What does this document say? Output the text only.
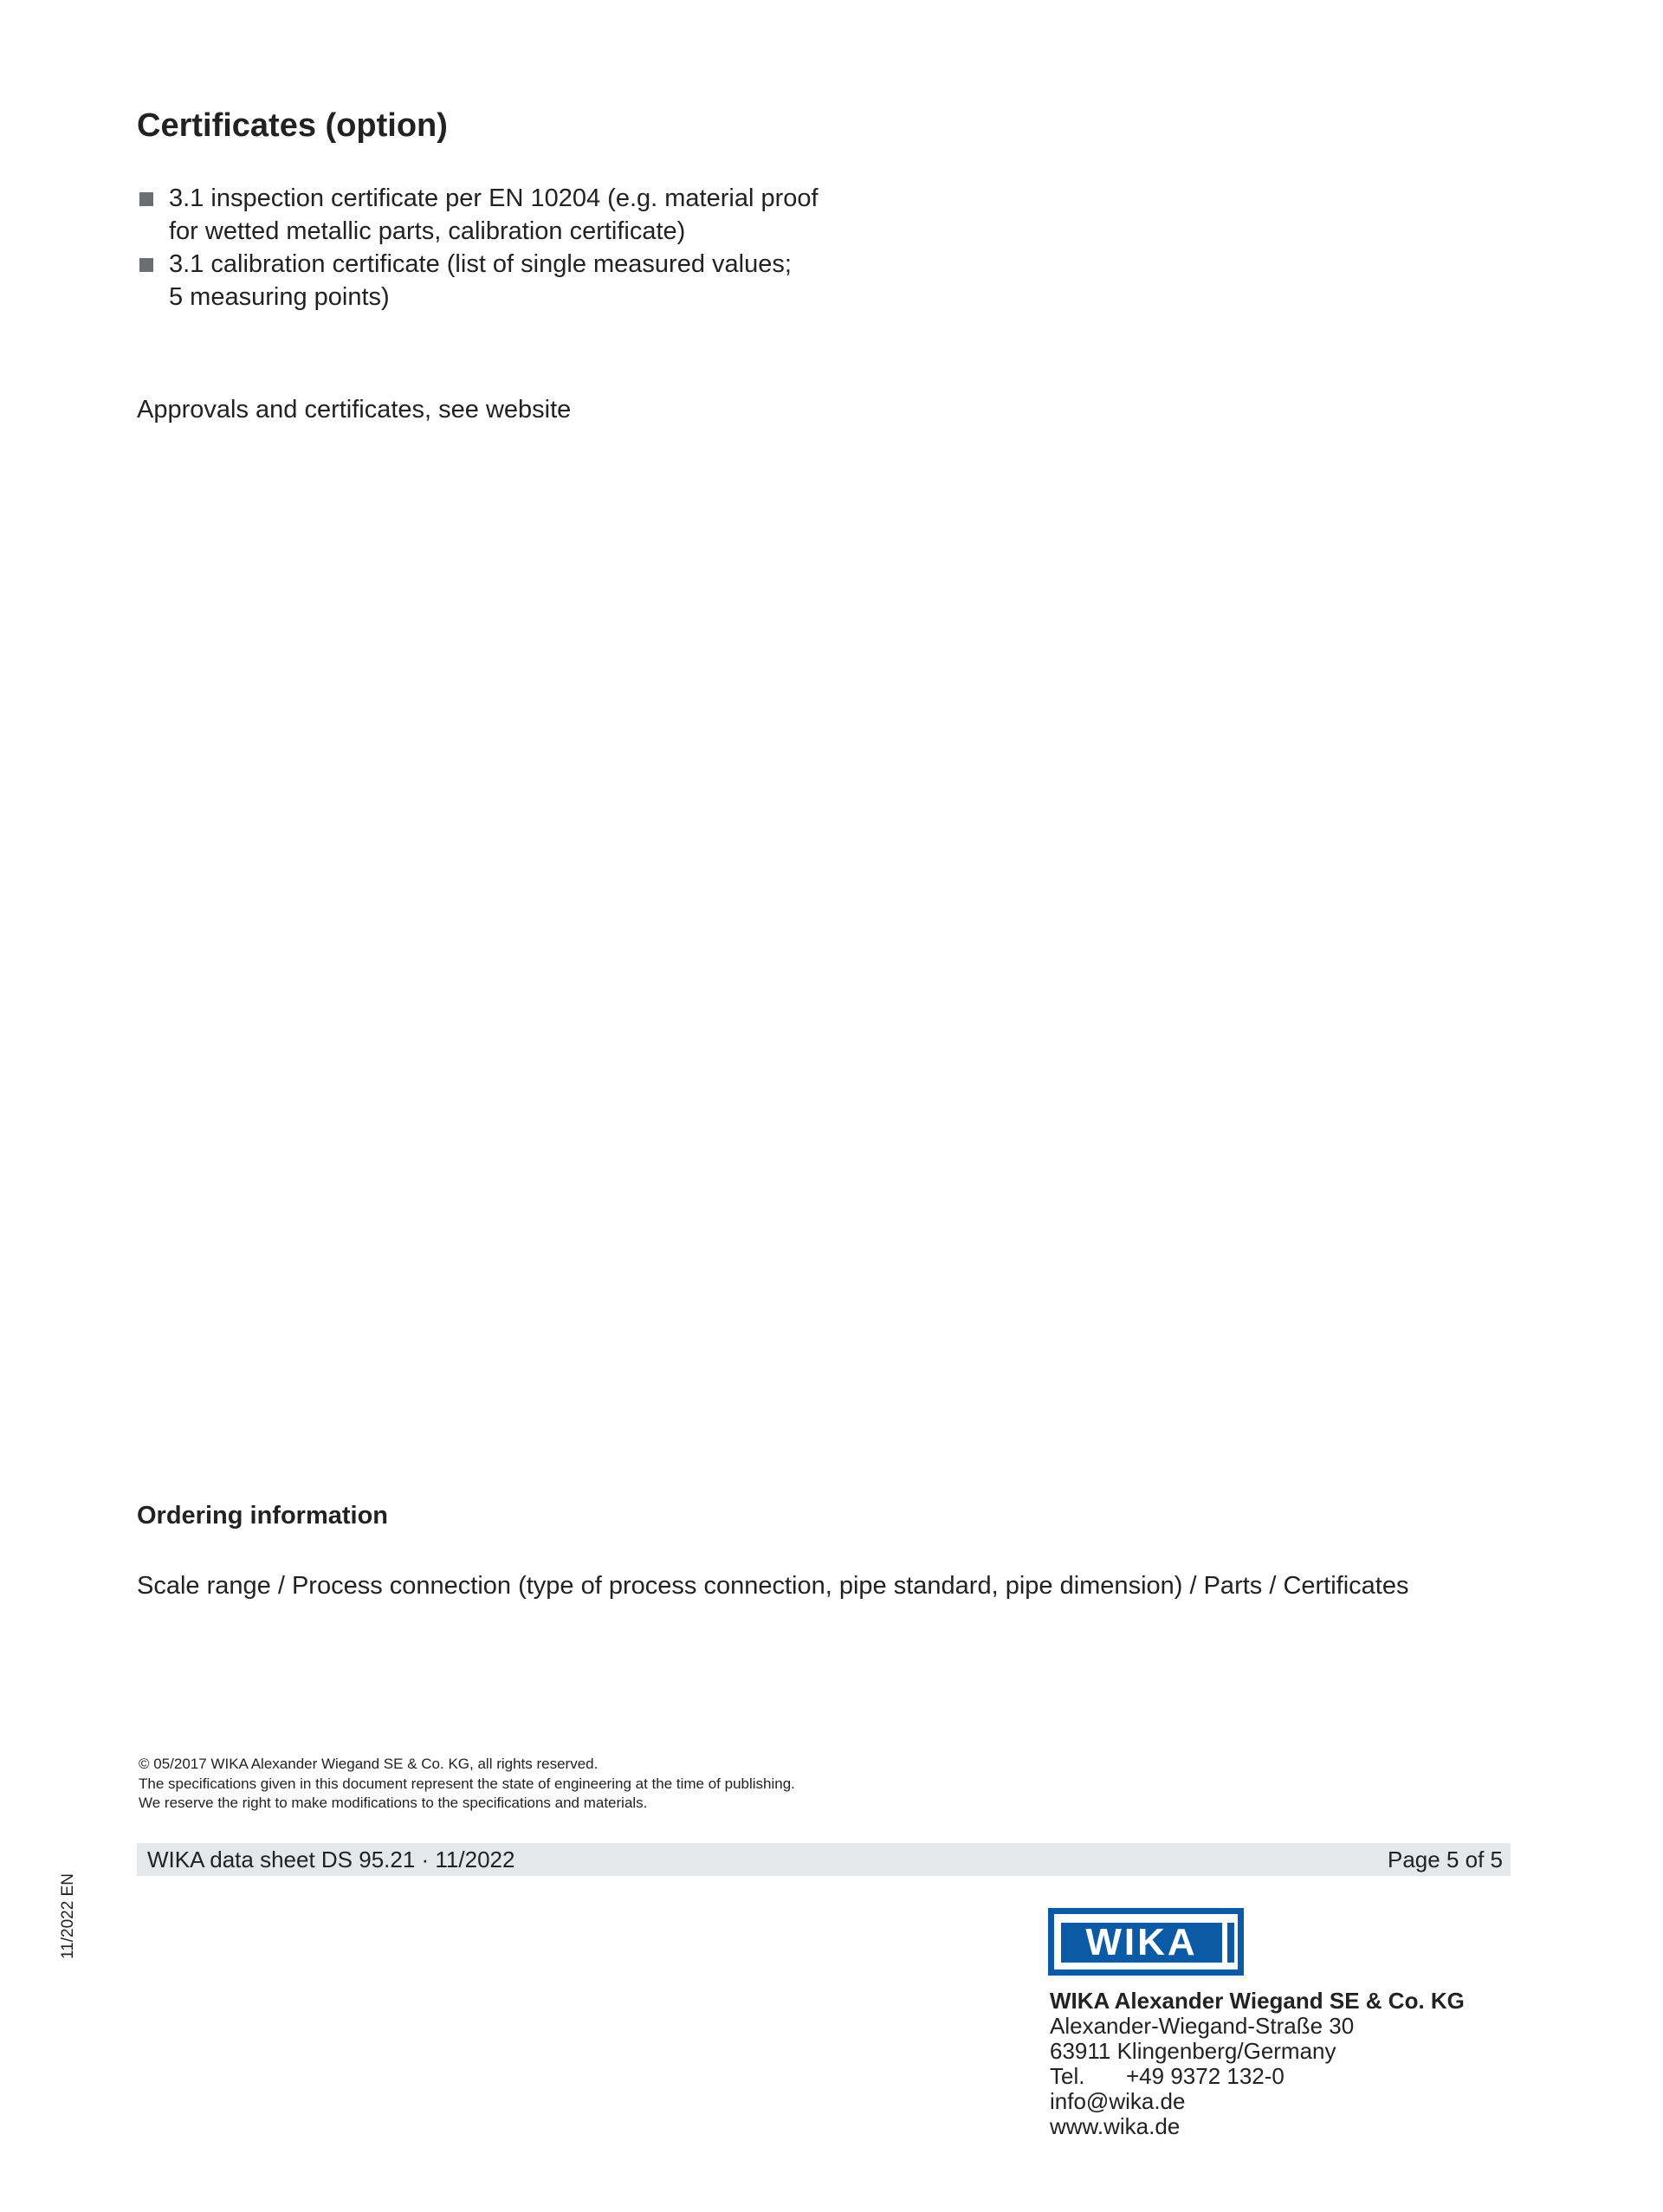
Certificates (option)
3.1 inspection certificate per EN 10204 (e.g. material proof
for wetted metallic parts, calibration certificate)
3.1 calibration certificate (list of single measured values;
5 measuring points)
Approvals and certificates, see website
Ordering information
Scale range / Process connection (type of process connection, pipe standard, pipe dimension) / Parts / Certificates
© 05/2017 WIKA Alexander Wiegand SE & Co. KG, all rights reserved.
The specifications given in this document represent the state of engineering at the time of publishing.
We reserve the right to make modifications to the specifications and materials.
WIKA data sheet DS 95.21 · 11/2022	Page 5 of 5
11/2022 EN	WIKA
WIKA Alexander Wiegand SE & Co. KG
Alexander-Wiegand-Straße 30
63911 Klingenberg/Germany
Tel. +49 9372 132-0
info@wika.de
www.wika.de
